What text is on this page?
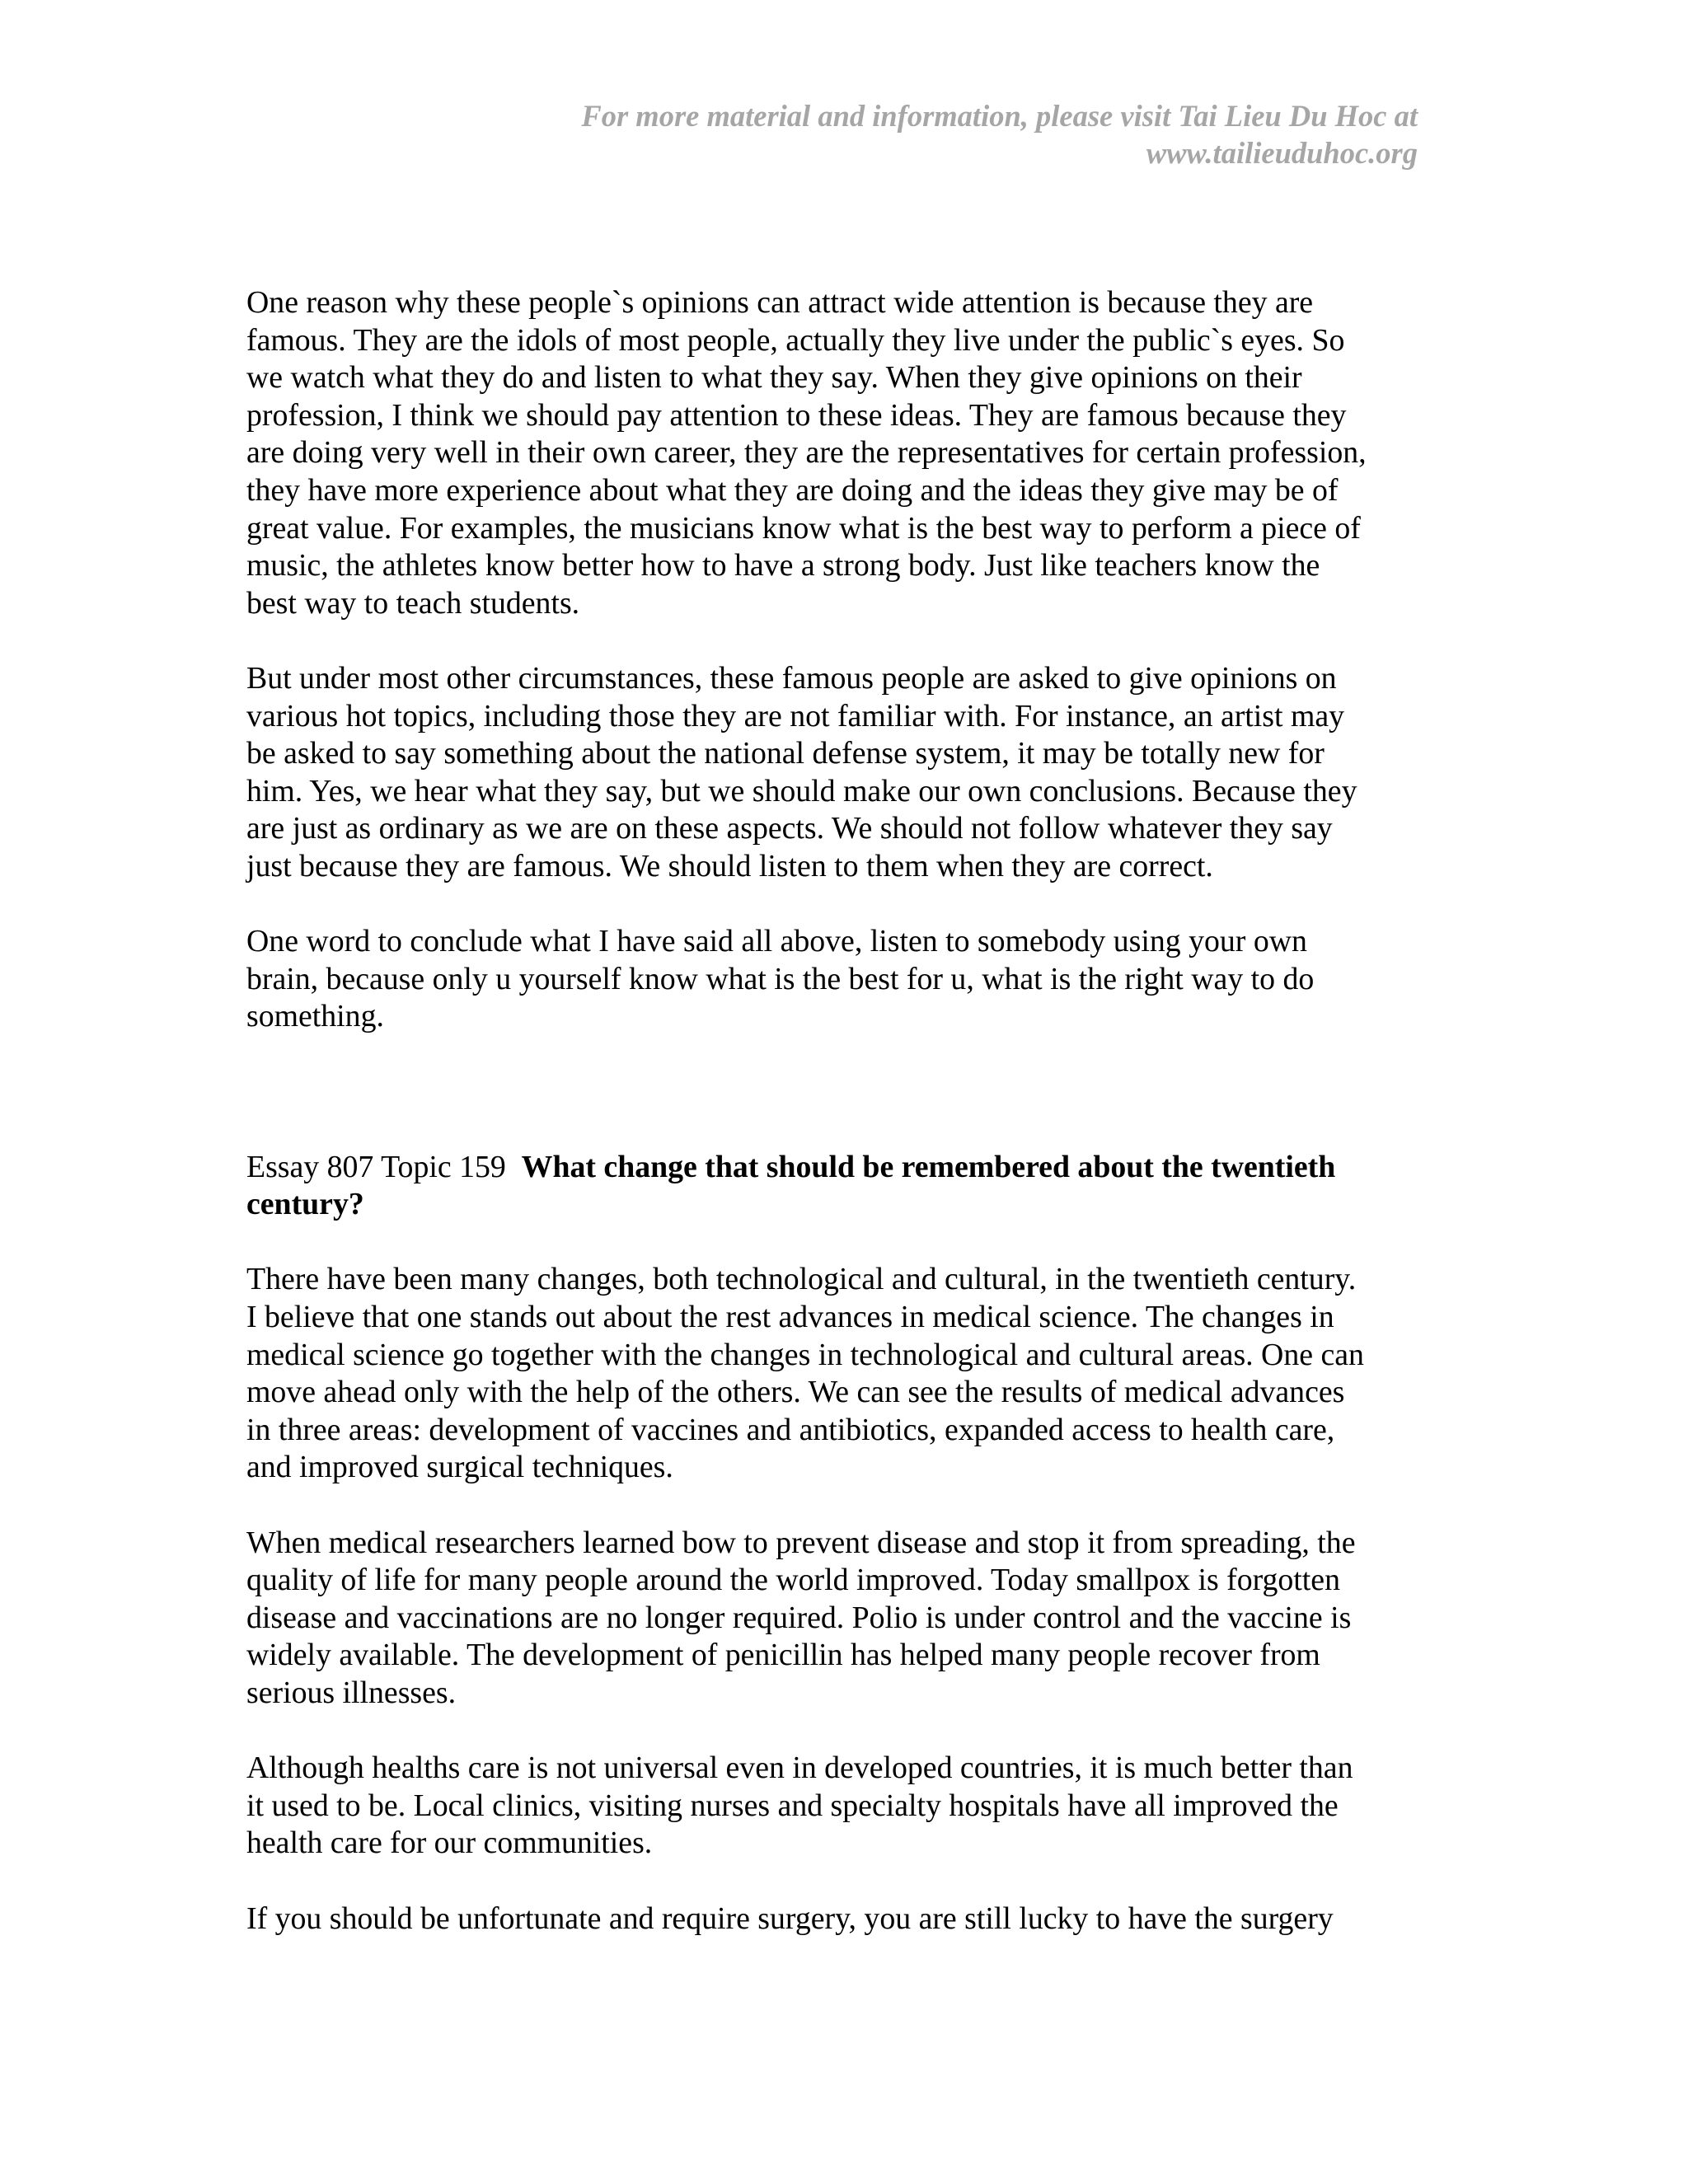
For more material and information, please visit Tai Lieu Du Hoc at
www.tailieuduhoc.org
One reason why these people`s opinions can attract wide attention is because they are
famous. They are the idols of most people, actually they live under the public`s eyes. So
we watch what they do and listen to what they say. When they give opinions on their
profession, I think we should pay attention to these ideas. They are famous because they
are doing very well in their own career, they are the representatives for certain profession,
they have more experience about what they are doing and the ideas they give may be of
great value. For examples, the musicians know what is the best way to perform a piece of
music, the athletes know better how to have a strong body. Just like teachers know the
best way to teach students.
But under most other circumstances, these famous people are asked to give opinions on
various hot topics, including those they are not familiar with. For instance, an artist may
be asked to say something about the national defense system, it may be totally new for
him. Yes, we hear what they say, but we should make our own conclusions. Because they
are just as ordinary as we are on these aspects. We should not follow whatever they say
just because they are famous. We should listen to them when they are correct.
One word to conclude what I have said all above, listen to somebody using your own
brain, because only u yourself know what is the best for u, what is the right way to do
something.
Essay 807 Topic 159 What change that should be remembered about the twentieth
century?
There have been many changes, both technological and cultural, in the twentieth century.
I believe that one stands out about the rest advances in medical science. The changes in
medical science go together with the changes in technological and cultural areas. One can
move ahead only with the help of the others. We can see the results of medical advances
in three areas: development of vaccines and antibiotics, expanded access to health care,
and improved surgical techniques.
When medical researchers learned bow to prevent disease and stop it from spreading, the
quality of life for many people around the world improved. Today smallpox is forgotten
disease and vaccinations are no longer required. Polio is under control and the vaccine is
widely available. The development of penicillin has helped many people recover from
serious illnesses.
Although healths care is not universal even in developed countries, it is much better than
it used to be. Local clinics, visiting nurses and specialty hospitals have all improved the
health care for our communities.
If you should be unfortunate and require surgery, you are still lucky to have the surgery
